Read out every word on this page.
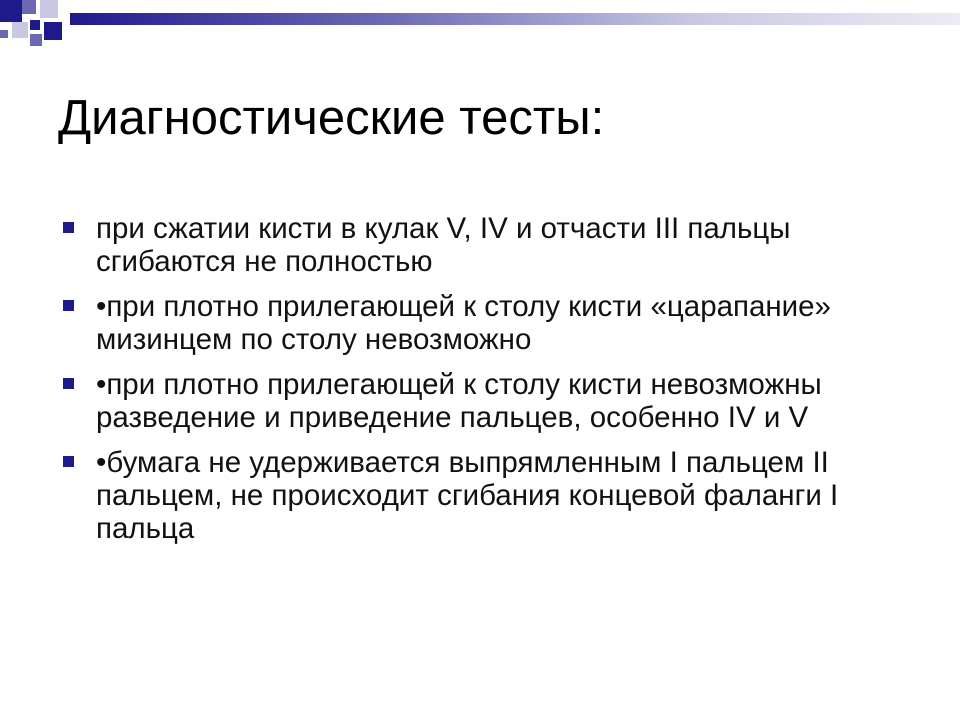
Диагностические тесты:
при сжатии кисти в кулак V, IV и отчасти III пальцы сгибаются не полностью
•при плотно прилегающей к столу кисти «царапание» мизинцем по столу невозможно
•при плотно прилегающей к столу кисти невозможны разведение и приведение пальцев, особенно IV и V
•бумага не удерживается выпрямленным I пальцем II пальцем, не происходит сгибания концевой фаланги I пальца
